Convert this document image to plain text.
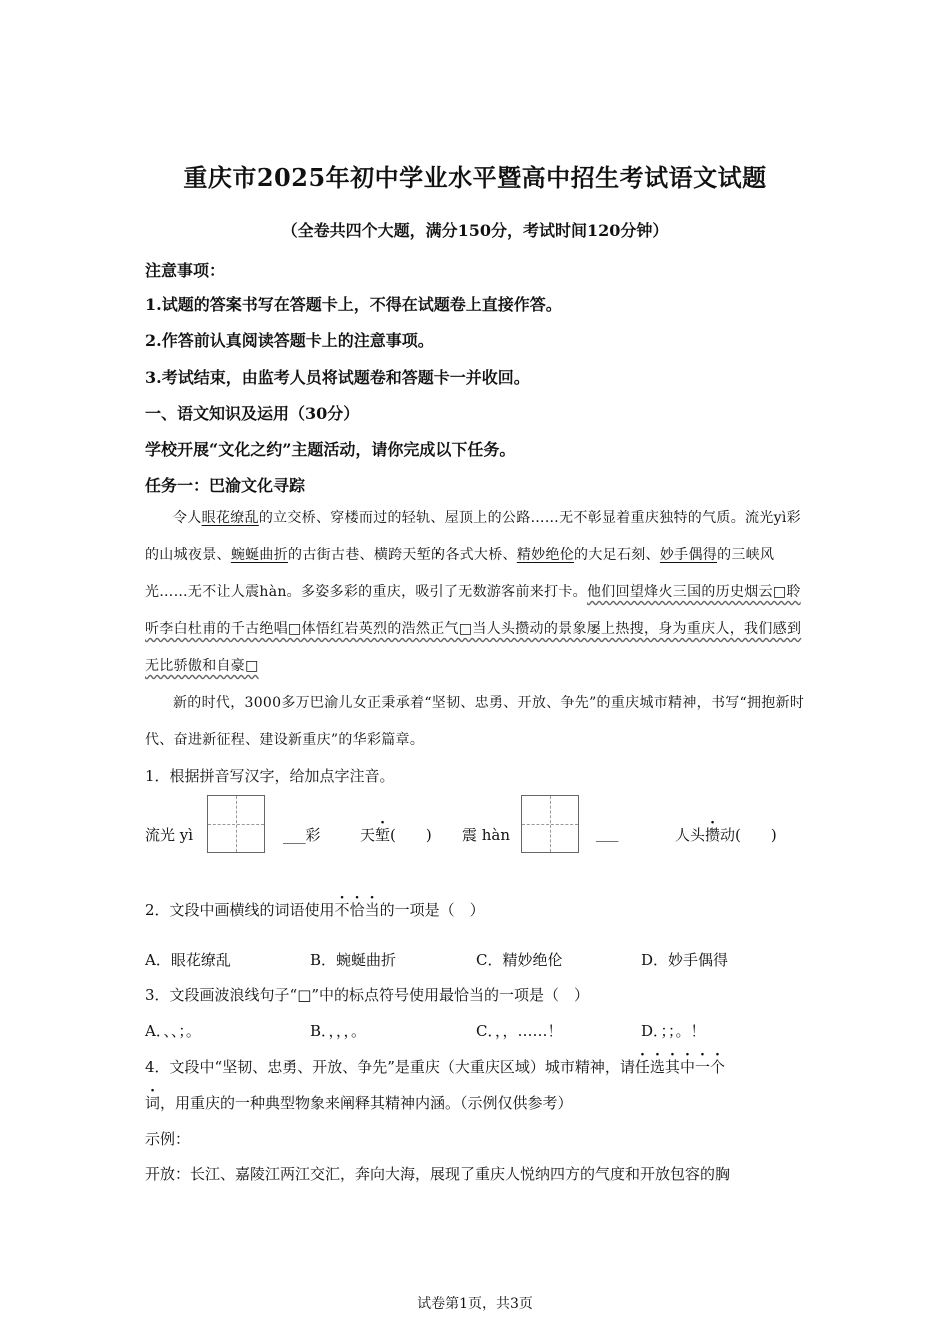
重庆市2025年初中学业水平暨高中招生考试语文试题
（全卷共四个大题，满分150分，考试时间120分钟）
注意事项：
1.试题的答案书写在答题卡上，不得在试题卷上直接作答。
2.作答前认真阅读答题卡上的注意事项。
3.考试结束，由监考人员将试题卷和答题卡一并收回。
一、语文知识及运用（30分）
学校开展“文化之约”主题活动，请你完成以下任务。
任务一：巴渝文化寻踪
令人眼花缭乱的立交桥、穿楼而过的轻轨、屋顶上的公路……无不彰显着重庆独特的气质。流光yì彩的山城夜景、蜿蜒曲折的古街古巷、横跨天堑 ·的各式大桥、精妙绝伦的大足石刻、妙手偶得的三峡风光……无不让人震hàn。多姿多彩的重庆，吸引了无数游客前来打卡。他们回望烽火三国的历史烟云□聆听李白杜甫的千古绝唱□体悟红岩英烈的浩然正气□当人头攒动的景象屡上热搜，身为重庆人，我们感到无比骄傲和自豪□
新的时代，3000多万巴渝儿女正秉承着“坚韧、忠勇、开放、争先”的重庆城市精神，书写“拥抱新时代、奋进新征程、建设新重庆”的华彩篇章。
1．根据拼音写汉字，给加点字注音。
流光 yì	___彩	天堑(　　) 震 hàn	___	人头攒动(　　)
2．文段中画横线的词语使用不恰当的一项是（　）
A．眼花缭乱	B．蜿蜒曲折	C．精妙绝伦	D．妙手偶得
3．文段画波浪线句子“□”中的标点符号使用最恰当的一项是（　）
A．、、；。	B．，，，。	C．，，……！	D．；；。！
4．文段中“坚韧、忠勇、开放、争先”是重庆（大重庆区域）城市精神，请任选其中一个
词，用重庆的一种典型物象来阐释其精神内涵。（示例仅供参考）
示例：
开放：长江、嘉陵江两江交汇，奔向大海，展现了重庆人悦纳四方的气度和开放包容的胸
试卷第1页，共3页
